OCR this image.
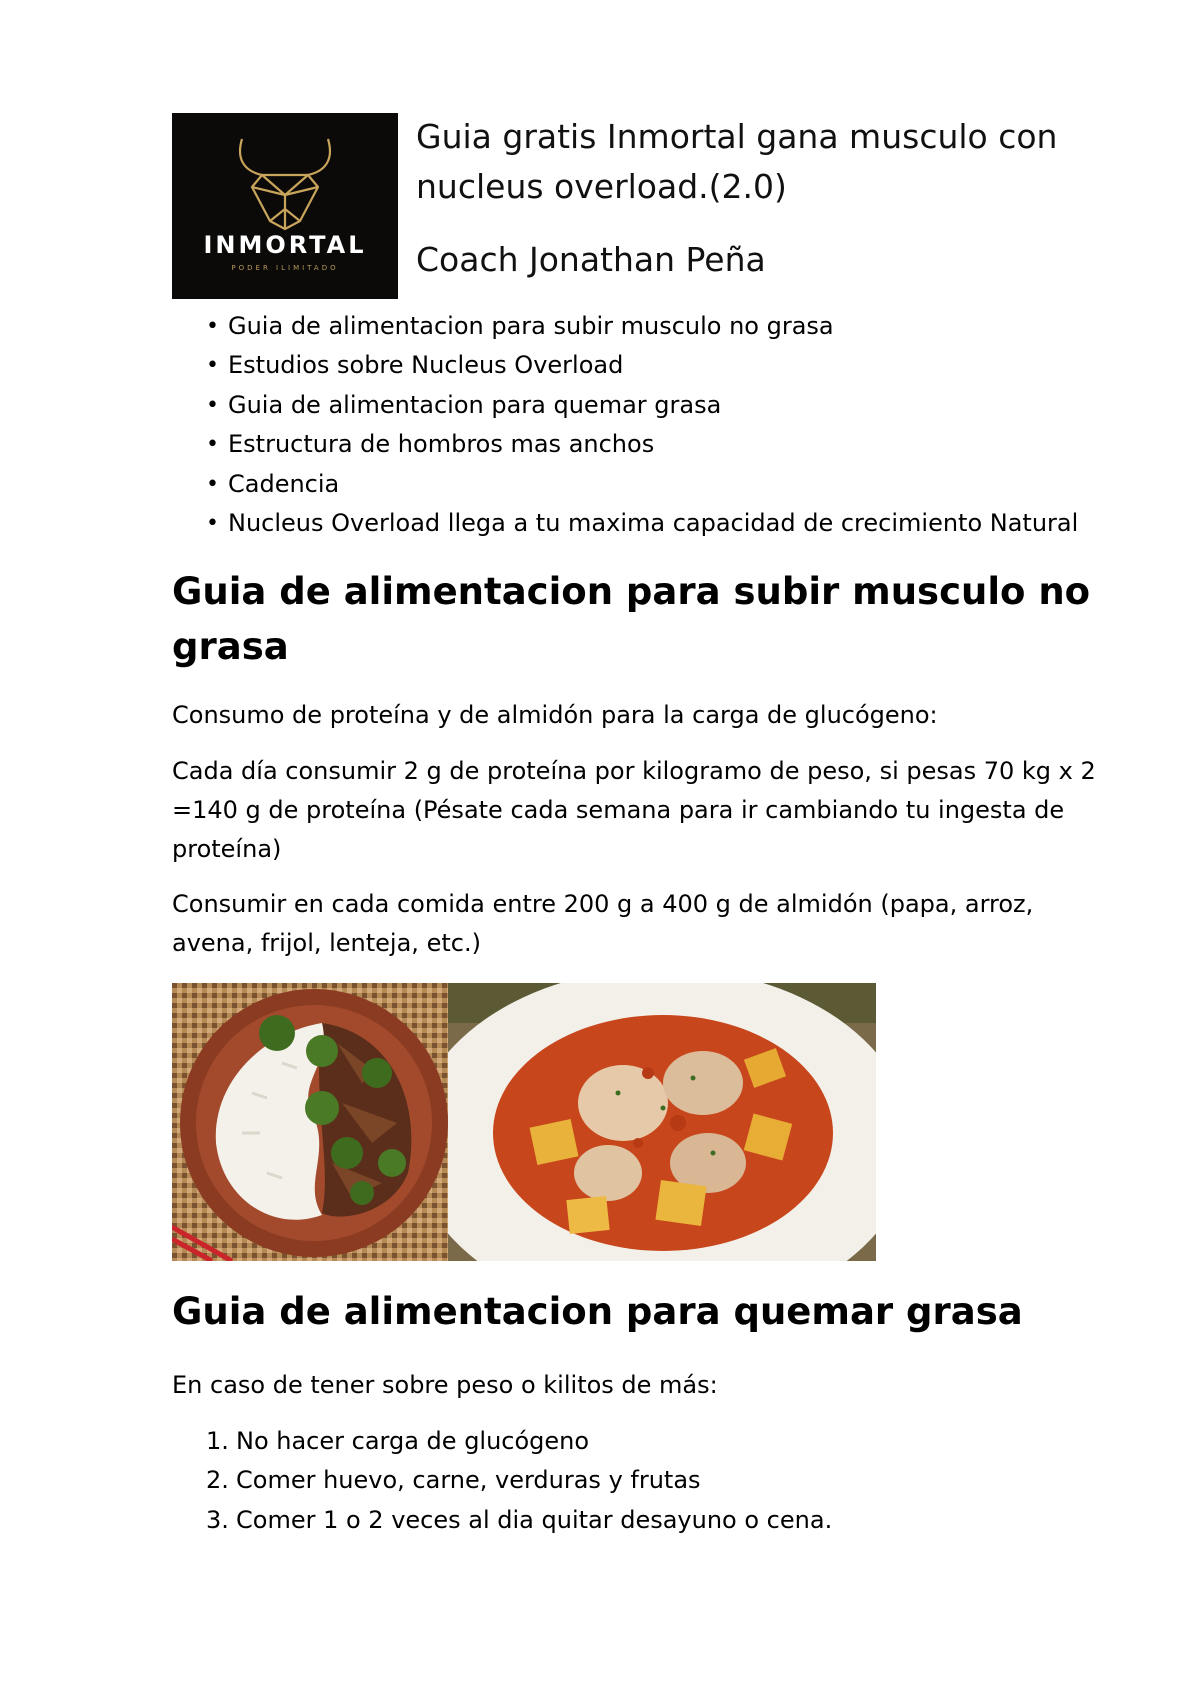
INMORTAL
PODER ILIMITADO
Guia gratis Inmortal gana musculo con nucleus overload.(2.0)
Coach Jonathan Peña
• Guia de alimentacion para subir musculo no grasa
• Estudios sobre Nucleus Overload
• Guia de alimentacion para quemar grasa
• Estructura de hombros mas anchos
• Cadencia
• Nucleus Overload llega a tu maxima capacidad de crecimiento Natural
Guia de alimentacion para subir musculo no grasa

Consumo de proteína y de almidón para la carga de glucógeno:

Cada día consumir 2 g de proteína por kilogramo de peso, si pesas 70 kg x 2 =140 g de proteína (Pésate cada semana para ir cambiando tu ingesta de proteína)

Consumir en cada comida entre 200 g a 400 g de almidón (papa, arroz, avena, frijol, lenteja, etc.)

Guia de alimentacion para quemar grasa

En caso de tener sobre peso o kilitos de más:

1. No hacer carga de glucógeno
2. Comer huevo, carne, verduras y frutas
3. Comer 1 o 2 veces al dia quitar desayuno o cena.
